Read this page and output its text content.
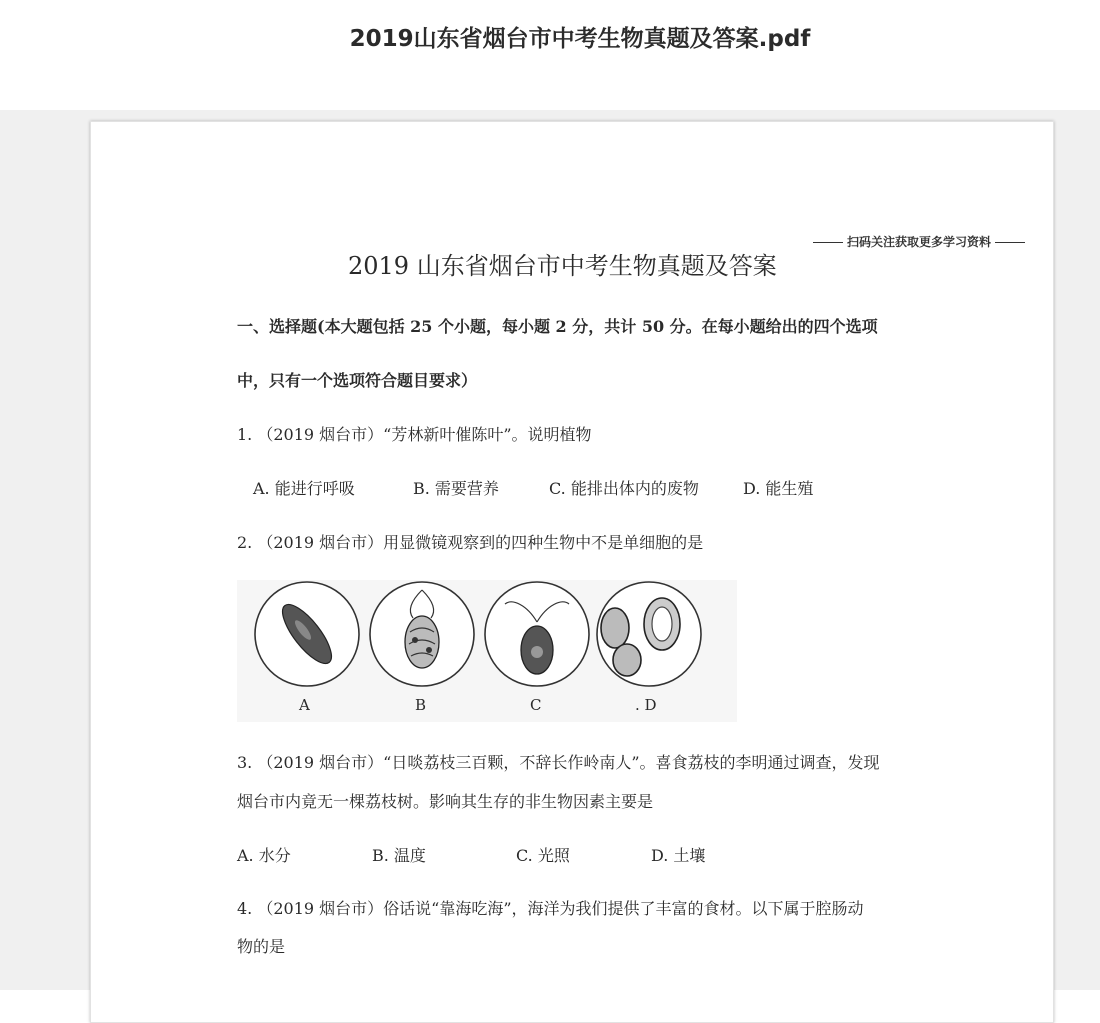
2019山东省烟台市中考生物真题及答案.pdf
扫码关注获取更多学习资料
2019 山东省烟台市中考生物真题及答案
一、选择题(本大题包括 25 个小题，每小题 2 分，共计 50 分。在每小题给出的四个选项
中，只有一个选项符合题目要求）
1. （2019 烟台市）“芳林新叶催陈叶”。说明植物
A. 能进行呼吸	B. 需要营养	C. 能排出体内的废物	D. 能生殖
2. （2019 烟台市）用显微镜观察到的四种生物中不是单细胞的是
A	B	C	. D
3. （2019 烟台市）“日啖荔枝三百颗，不辞长作岭南人”。喜食荔枝的李明通过调查，发现
烟台市内竟无一棵荔枝树。影响其生存的非生物因素主要是
A. 水分	B. 温度	C. 光照	D. 土壤
4. （2019 烟台市）俗话说“靠海吃海”，海洋为我们提供了丰富的食材。以下属于腔肠动
物的是
